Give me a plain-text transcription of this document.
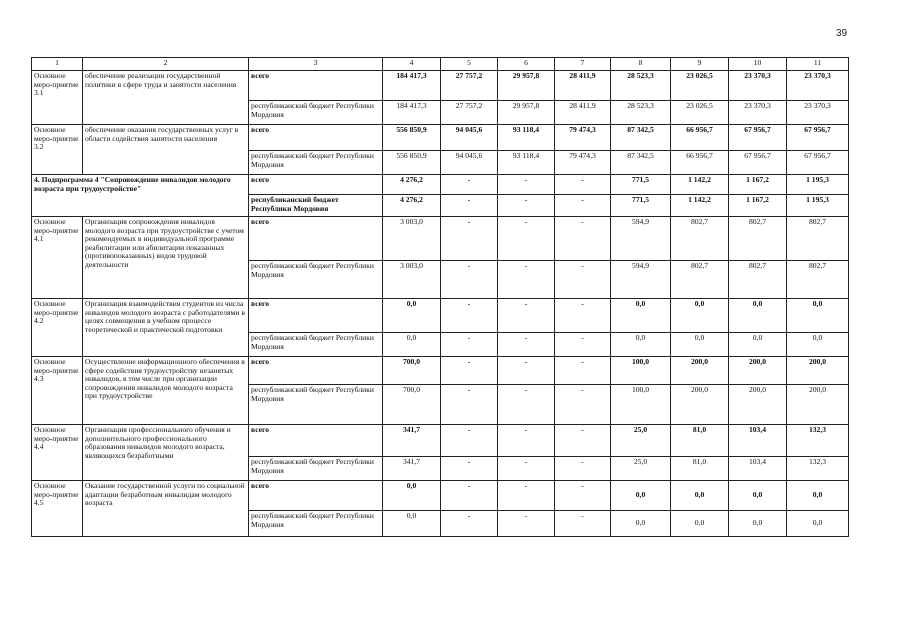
39
1	2	3	4	5	6	7	8	9	10	11
Основное меро-приятие 3.1	обеспечение реализации государственной политики в сфере труда и занятости населения	всего	184 417,3	27 757,2	29 957,8	28 411,9	28 523,3	23 026,5	23 370,3	23 370,3
		республиканский бюджет Республики Мордовия	184 417,3	27 757,2	29 957,8	28 411,9	28 523,3	23 026,5	23 370,3	23 370,3
Основное меро-приятие 3.2	обеспечение оказания государственных услуг в области содействия занятости населения	всего	556 850,9	94 045,6	93 118,4	79 474,3	87 342,5	66 956,7	67 956,7	67 956,7
		республиканский бюджет Республики Мордовия	556 850,9	94 045,6	93 118,4	79 474,3	87 342,5	66 956,7	67 956,7	67 956,7
4. Подпрограмма 4 "Сопровождение инвалидов молодого возраста при трудоустройстве"		всего	4 276,2	-	-	-	771,5	1 142,2	1 167,2	1 195,3
		республиканский бюджет Республики Мордовия	4 276,2	-	-	-	771,5	1 142,2	1 167,2	1 195,3
Основное меро-приятие 4.1	Организация сопровождения инвалидов молодого возраста при трудоустройстве с учетом рекомендуемых в индивидуальной программе реабилитации или абилитации показанных (противопоказанных) видов трудовой деятельности	всего	3 003,0	-	-	-	594,9	802,7	802,7	802,7
		республиканский бюджет Республики Мордовия	3 003,0	-	-	-	594,9	802,7	802,7	802,7
Основное меро-приятие 4.2	Организация взаимодействия студентов из числа инвалидов молодого возраста с работодателями в целях совмещения в учебном процессе теоретической и практической подготовки	всего	0,0	-	-	-	0,0	0,0	0,0	0,0
		республиканский бюджет Республики Мордовия	0,0	-	-	-	0,0	0,0	0,0	0,0
Основное меро-приятие 4.3	Осуществление информационного обеспечения в сфере содействия трудоустройству незанятых инвалидов, в том числе при организации сопровождения инвалидов молодого возраста при трудоустройстве	всего	700,0	-	-	-	100,0	200,0	200,0	200,0
		республиканский бюджет Республики Мордовия	700,0	-	-	-	100,0	200,0	200,0	200,0
Основное меро-приятие 4.4	Организация профессионального обучения и дополнительного профессионального образования инвалидов молодого возраста, являющихся безработными	всего	341,7	-	-	-	25,0	81,0	103,4	132,3
		республиканский бюджет Республики Мордовия	341,7	-	-	-	25,0	81,0	103,4	132,3
Основное меро-приятие 4.5	Оказание государственной услуги по социальной адаптации безработным инвалидам молодого возраста	всего	0,0	-	-	-	0,0	0,0	0,0	0,0
		республиканский бюджет Республики Мордовия	0,0	-	-	-	0,0	0,0	0,0	0,0
